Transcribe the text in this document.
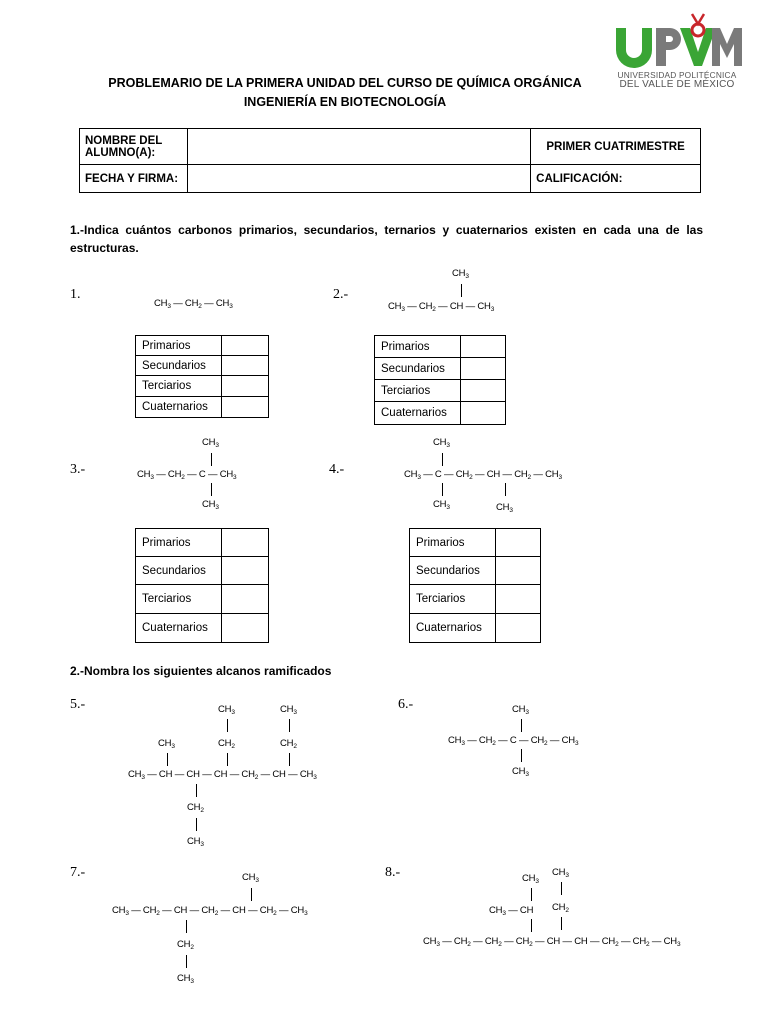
PROBLEMARIO DE LA PRIMERA UNIDAD DEL CURSO DE QUÍMICA ORGÁNICA
INGENIERÍA EN BIOTECNOLOGÍA
UNIVERSIDAD POLITÉCNICA
DEL VALLE DE MÉXICO
NOMBRE DEL ALUMNO(A):		PRIMER CUATRIMESTRE
FECHA Y FIRMA:		CALIFICACIÓN:
1.-Indica cuántos carbonos primarios, secundarios, ternarios y cuaternarios existen en cada una de las estructuras.
1.
$CH_3$ — $CH_2$ — $CH_3$
Primarios	
Secundarios	
Terciarios	
Cuaternarios	
2.-
$CH_3$
$CH_3$ — $CH_2$ — CH — $CH_3$
Primarios	
Secundarios	
Terciarios	
Cuaternarios	
3.-
$CH_3$
$CH_3$ — $CH_2$ — C — $CH_3$
$CH_3$
Primarios	
Secundarios	
Terciarios	
Cuaternarios	
4.-
$CH_3$
$CH_3$ — C — $CH_2$ — CH — $CH_2$ — $CH_3$
$CH_3$	$CH_3$
Primarios	
Secundarios	
Terciarios	
Cuaternarios	
2.-Nombra los siguientes alcanos ramificados
5.-	$CH_3$	$CH_3$
$CH_3$	$CH_2$	$CH_2$
$CH_3$ — CH — CH — CH — $CH_2$ — CH — $CH_3$
$CH_2$
$CH_3$
6.-	$CH_3$
$CH_3$ — $CH_2$ — C — $CH_2$ — $CH_3$
$CH_3$
7.-	$CH_3$
$CH_3$ — $CH_2$ — CH — $CH_2$ — CH — $CH_2$ — $CH_3$
$CH_2$
$CH_3$
8.-	$CH_3$
$CH_3$
$CH_3$ — CH $CH_2$
$CH_3$ — $CH_2$ — $CH_2$ — $CH_2$ — CH — CH — $CH_2$ — $CH_2$ — $CH_3$
